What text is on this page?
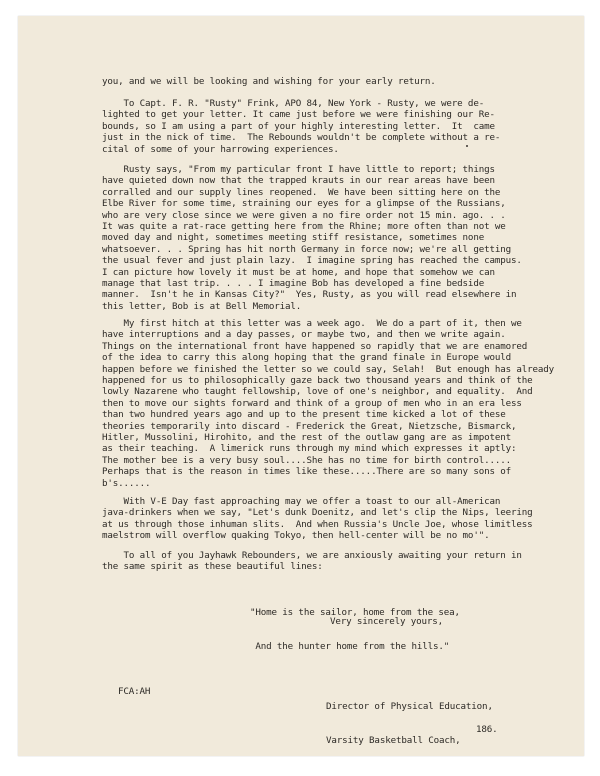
you, and we will be looking and wishing for your early return.
To Capt. F. R. "Rusty" Frink, APO 84, New York - Rusty, we were de-
lighted to get your letter. It came just before we were finishing our Re-
bounds, so I am using a part of your highly interesting letter.  It  came
just in the nick of time.  The Rebounds wouldn't be complete without a re-
cital of some of your harrowing experiences.
Rusty says, "From my particular front I have little to report; things
have quieted down now that the trapped krauts in our rear areas have been
corralled and our supply lines reopened.  We have been sitting here on the
Elbe River for some time, straining our eyes for a glimpse of the Russians,
who are very close since we were given a no fire order not 15 min. ago. . .
It was quite a rat-race getting here from the Rhine; more often than not we
moved day and night, sometimes meeting stiff resistance, sometimes none
whatsoever. . . Spring has hit north Germany in force now; we're all getting
the usual fever and just plain lazy.  I imagine spring has reached the campus.
I can picture how lovely it must be at home, and hope that somehow we can
manage that last trip. . . . I imagine Bob has developed a fine bedside
manner.  Isn't he in Kansas City?"  Yes, Rusty, as you will read elsewhere in
this letter, Bob is at Bell Memorial.
My first hitch at this letter was a week ago.  We do a part of it, then we
have interruptions and a day passes, or maybe two, and then we write again.
Things on the international front have happened so rapidly that we are enamored
of the idea to carry this along hoping that the grand finale in Europe would
happen before we finished the letter so we could say, Selah!  But enough has already
happened for us to philosophically gaze back two thousand years and think of the
lowly Nazarene who taught fellowship, love of one's neighbor, and equality.  And
then to move our sights forward and think of a group of men who in an era less
than two hundred years ago and up to the present time kicked a lot of these
theories temporarily into discard - Frederick the Great, Nietzsche, Bismarck,
Hitler, Mussolini, Hirohito, and the rest of the outlaw gang are as impotent
as their teaching.  A limerick runs through my mind which expresses it aptly:
The mother bee is a very busy soul....She has no time for birth control.....
Perhaps that is the reason in times like these.....There are so many sons of
b's......
With V-E Day fast approaching may we offer a toast to our all-American
java-drinkers when we say, "Let's dunk Doenitz, and let's clip the Nips, leering
at us through those inhuman slits.  And when Russia's Uncle Joe, whose limitless
maelstrom will overflow quaking Tokyo, then hell-center will be no mo'".
To all of you Jayhawk Rebounders, we are anxiously awaiting your return in
the same spirit as these beautiful lines:

"Home is the sailor, home from the sea,

And the hunter home from the hills."

Very sincerely yours,
FCA:AH

Director of Physical Education,

Varsity Basketball Coach,

186.
